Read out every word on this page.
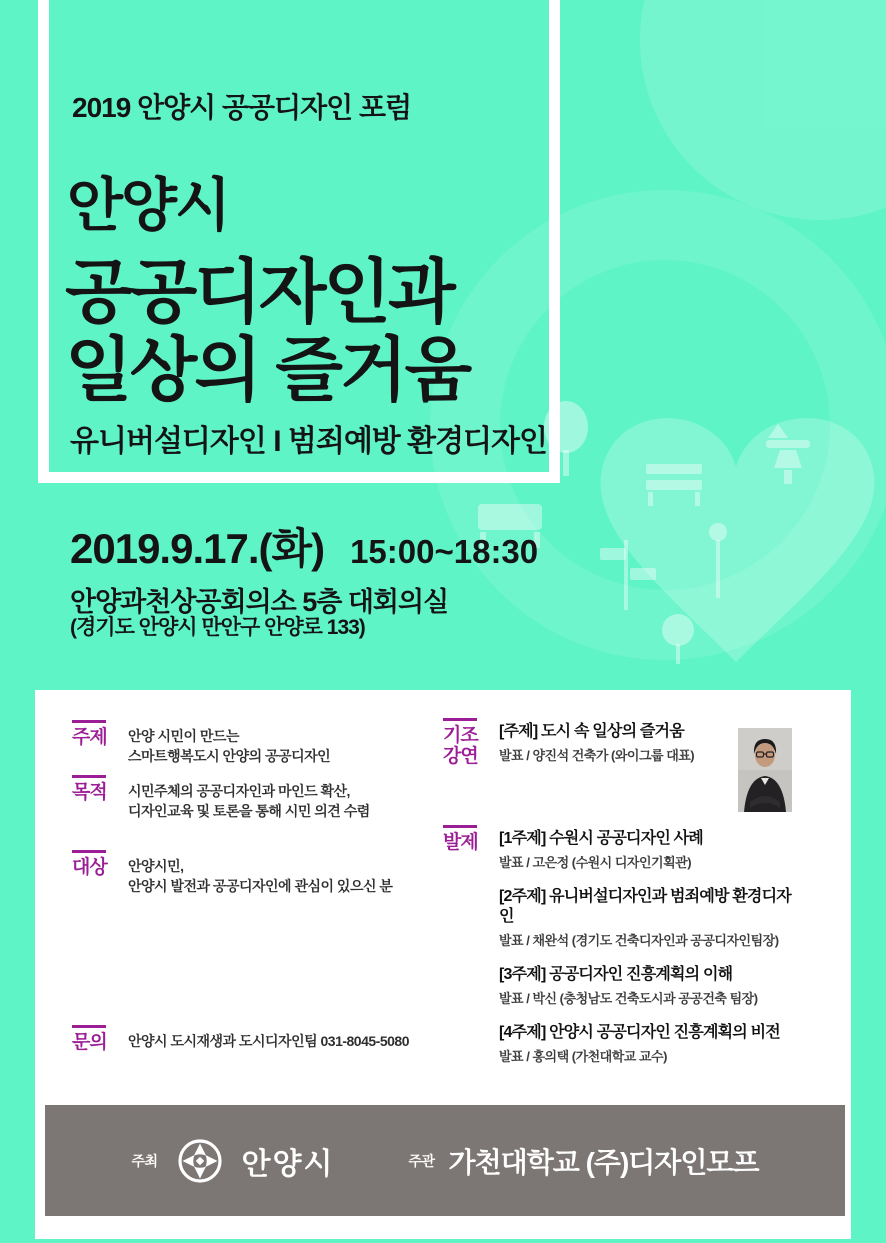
2019 안양시 공공디자인 포럼
안양시
공공디자인과
일상의 즐거움
유니버설디자인 I 범죄예방 환경디자인
2019.9.17.(화) 15:00~18:30
안양과천상공회의소 5층 대회의실
(경기도 안양시 만안구 안양로 133)
주제	안양 시민이 만드는
스마트행복도시 안양의 공공디자인
목적	시민주체의 공공디자인과 마인드 확산,
디자인교육 및 토론을 통해 시민 의견 수렴
대상	안양시민,
안양시 발전과 공공디자인에 관심이 있으신 분
문의	안양시 도시재생과 도시디자인팀 031-8045-5080
기조 강연
[주제] 도시 속 일상의 즐거움
발표 / 양진석 건축가 (와이그룹 대표)
발제	[1주제] 수원시 공공디자인 사례
발표 / 고은정 (수원시 디자인기획관)
[2주제] 유니버설디자인과 범죄예방 환경디자인
발표 / 채완석 (경기도 건축디자인과 공공디자인팀장)
[3주제] 공공디자인 진흥계획의 이해
발표 / 박신 (충청남도 건축도시과 공공건축 팀장)
[4주제] 안양시 공공디자인 진흥계획의 비전
발표 / 홍의택 (가천대학교 교수)
주최	안양시	주관 가천대학교 (주)디자인모프
